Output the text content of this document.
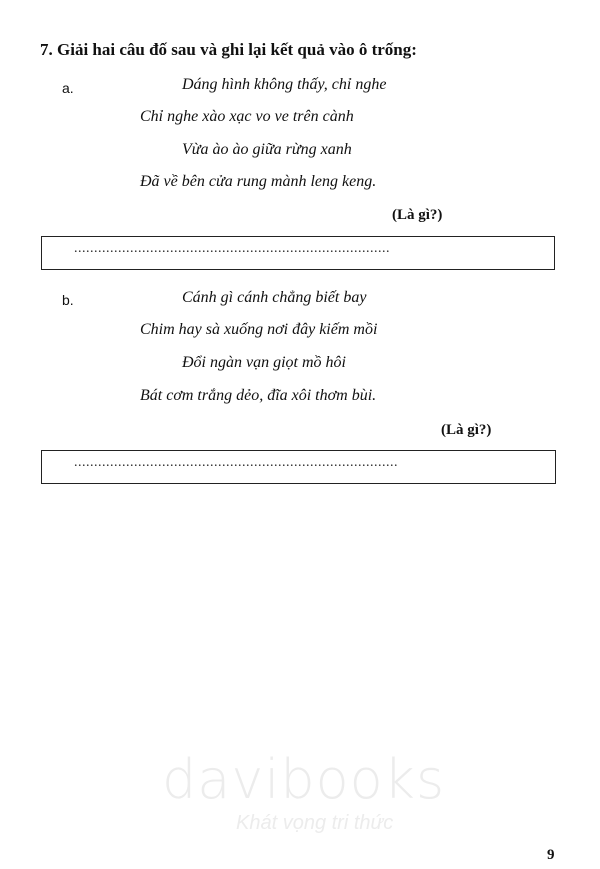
7. Giải hai câu đố sau và ghi lại kết quả vào ô trống:
a.	Dáng hình không thấy, chỉ nghe
Chỉ nghe xào xạc vo ve trên cành
Vừa ào ào giữa rừng xanh
Đã về bên cửa rung mành leng keng.
(Là gì?)
...............................................................................
b.	Cánh gì cánh chẳng biết bay
Chim hay sà xuống nơi đây kiếm mồi
Đổi ngàn vạn giọt mồ hôi
Bát cơm trắng dẻo, đĩa xôi thơm bùi.
(Là gì?)
.................................................................................
davibooks
Khát vọng tri thức
9
